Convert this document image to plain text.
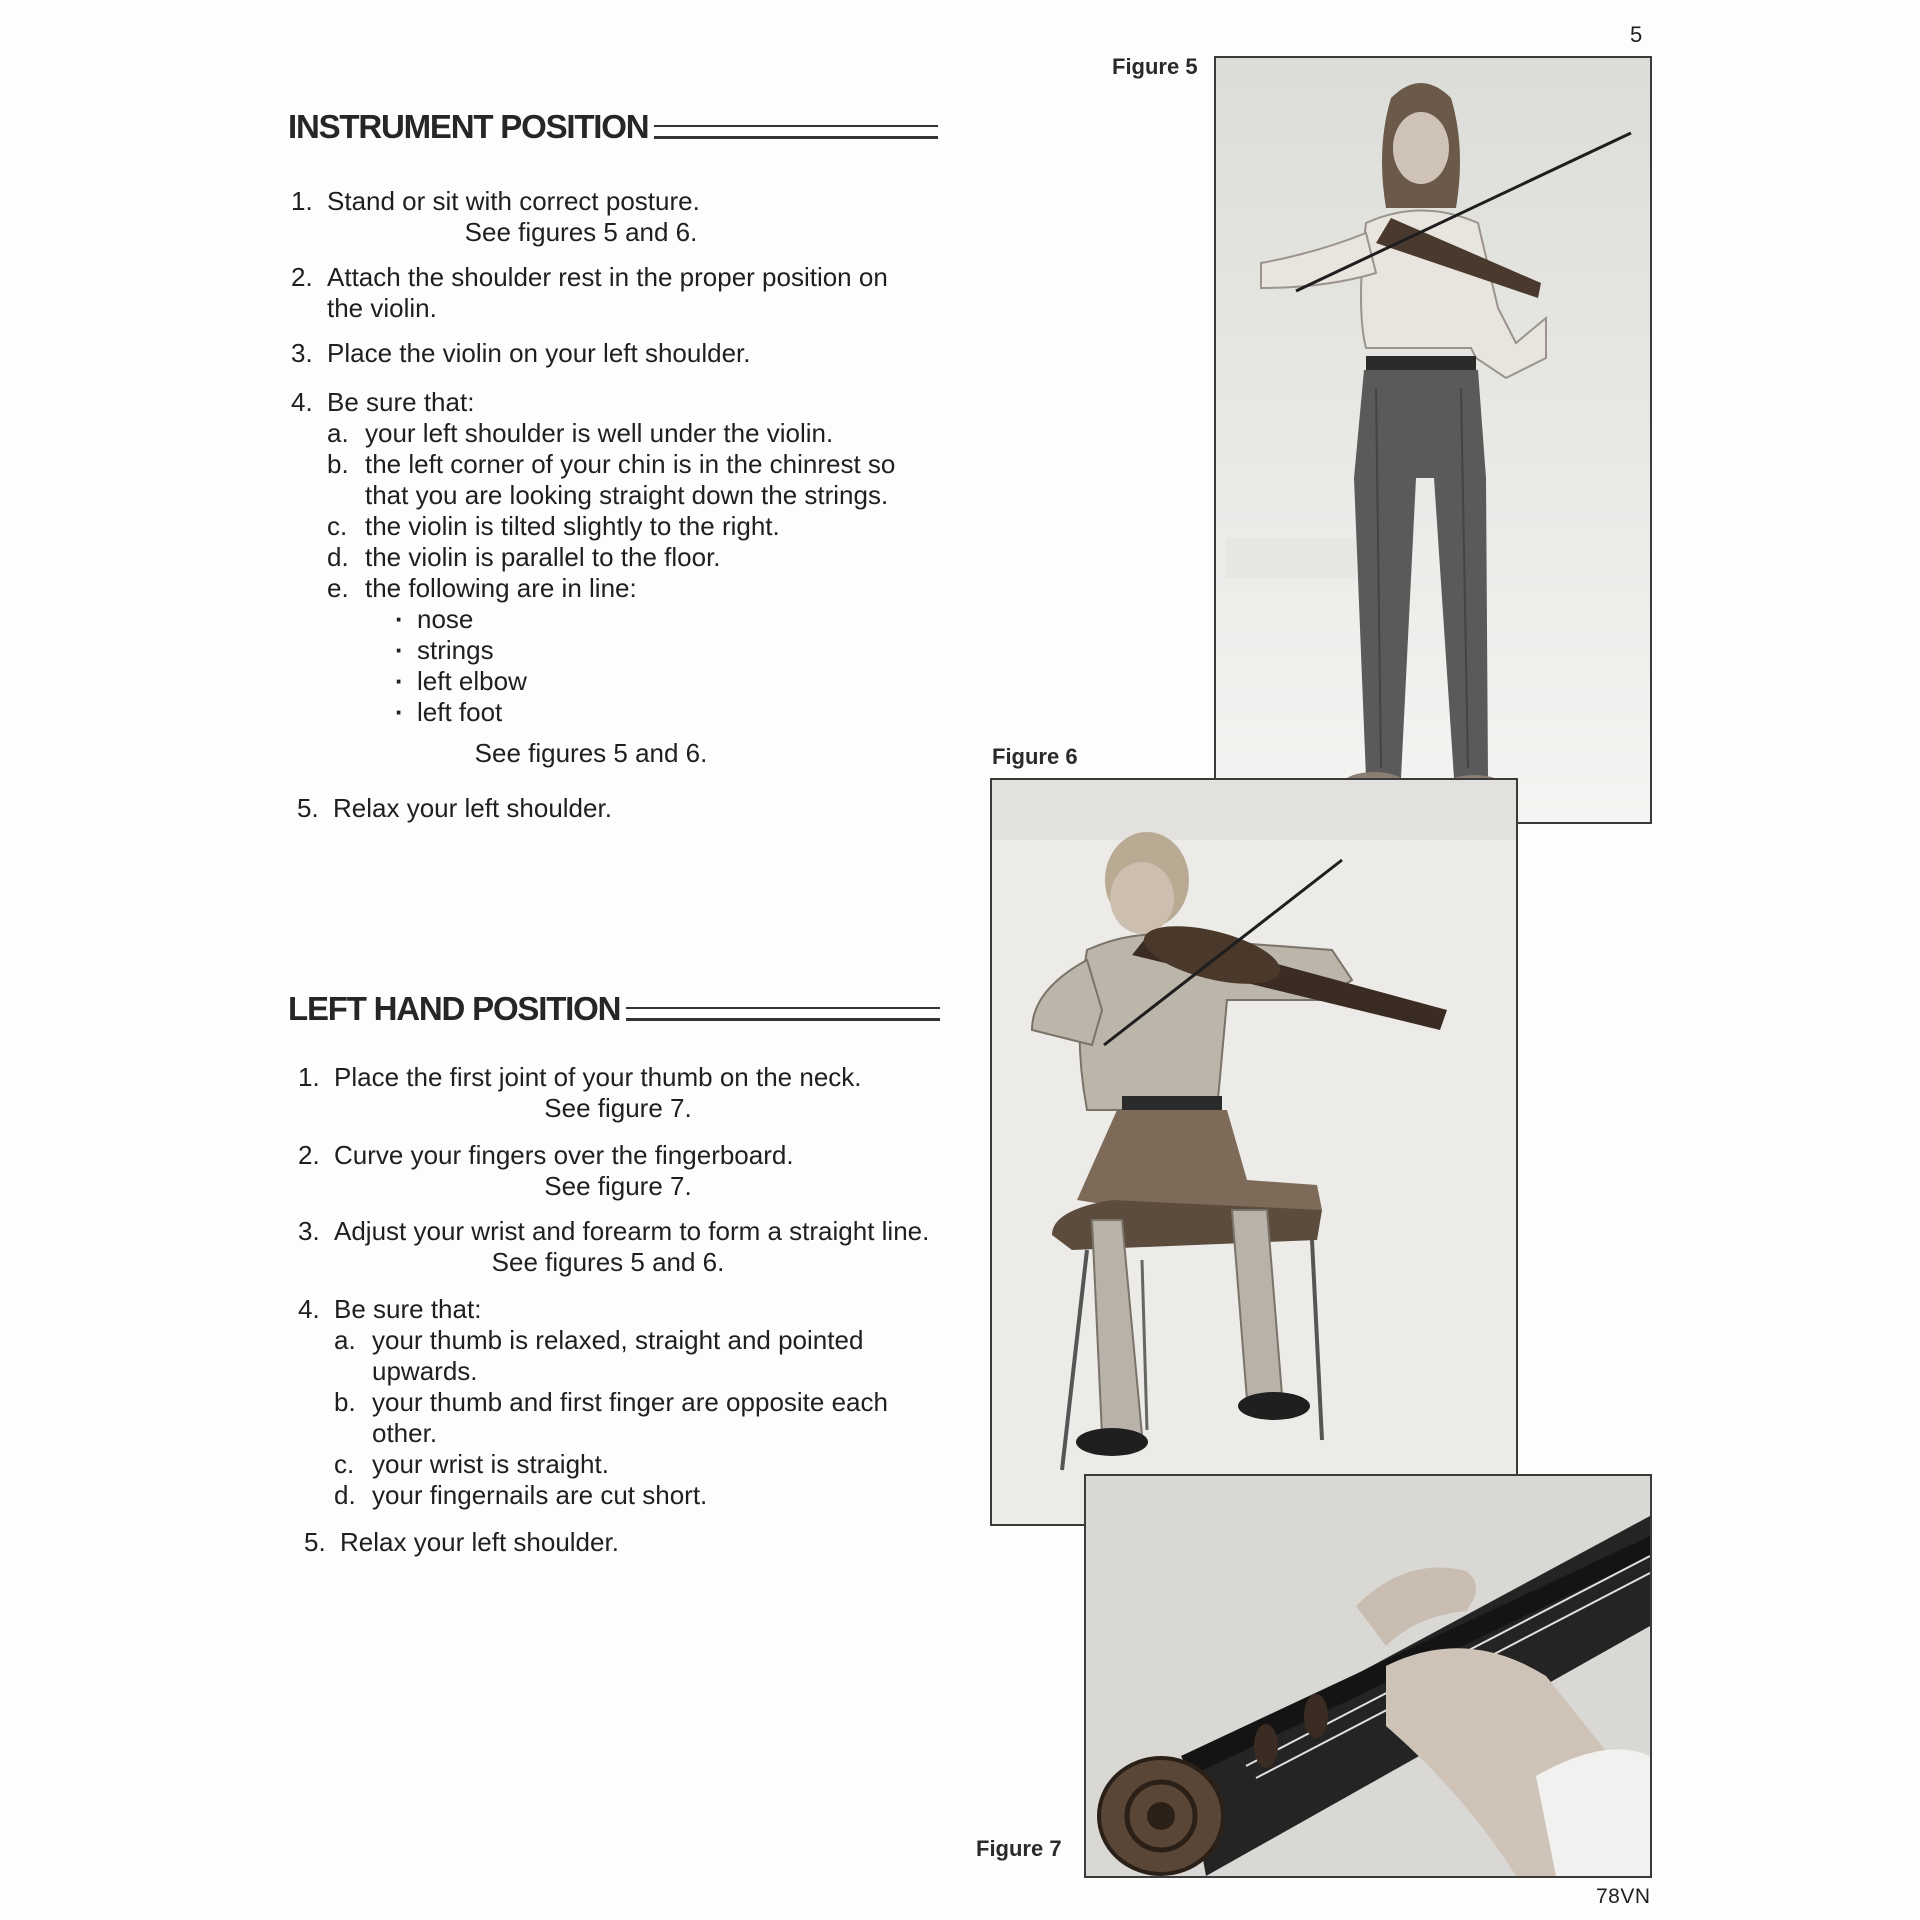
5
INSTRUMENT POSITION
1. Stand or sit with correct posture.
See figures 5 and 6.
2. Attach the shoulder rest in the proper position on the violin.
3. Place the violin on your left shoulder.
4. Be sure that:
a. your left shoulder is well under the violin.
b. the left corner of your chin is in the chinrest so that you are looking straight down the strings.
c. the violin is tilted slightly to the right.
d. the violin is parallel to the floor.
e. the following are in line:
· nose
· strings
· left elbow
· left foot
See figures 5 and 6.
5. Relax your left shoulder.
LEFT HAND POSITION
1. Place the first joint of your thumb on the neck.
See figure 7.
2. Curve your fingers over the fingerboard.
See figure 7.
3. Adjust your wrist and forearm to form a straight line.
See figures 5 and 6.
4. Be sure that:
a. your thumb is relaxed, straight and pointed upwards.
b. your thumb and first finger are opposite each other.
c. your wrist is straight.
d. your fingernails are cut short.
5. Relax your left shoulder.
Figure 5
Figure 6
Figure 7
78VN
